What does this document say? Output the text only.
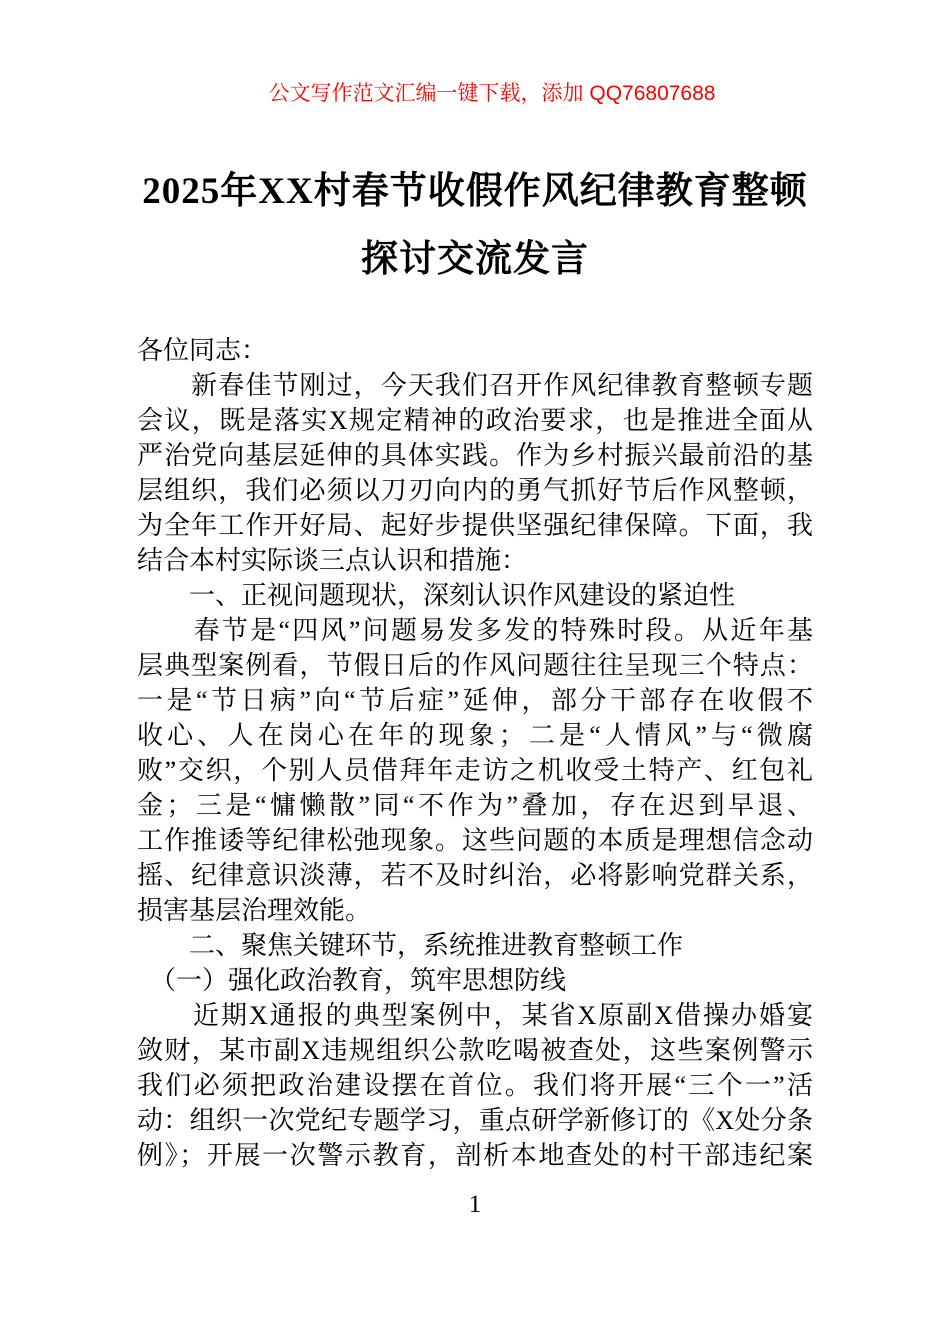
公文写作范文汇编一键下载，添加 QQ76807688
2025年XX村春节收假作风纪律教育整顿
探讨交流发言
各位同志：
　　新春佳节刚过，今天我们召开作风纪律教育整顿专题
会议，既是落实X规定精神的政治要求，也是推进全面从
严治党向基层延伸的具体实践。作为乡村振兴最前沿的基
层组织，我们必须以刀刃向内的勇气抓好节后作风整顿，
为全年工作开好局、起好步提供坚强纪律保障。下面，我
结合本村实际谈三点认识和措施：
　　一、正视问题现状，深刻认识作风建设的紧迫性
　　春节是“四风”问题易发多发的特殊时段。从近年基
层典型案例看，节假日后的作风问题往往呈现三个特点：
一是“节日病”向“节后症”延伸，部分干部存在收假不
收心、人在岗心在年的现象；二是“人情风”与“微腐
败”交织，个别人员借拜年走访之机收受土特产、红包礼
金；三是“慵懒散”同“不作为”叠加，存在迟到早退、
工作推诿等纪律松弛现象。这些问题的本质是理想信念动
摇、纪律意识淡薄，若不及时纠治，必将影响党群关系，
损害基层治理效能。
　　二、聚焦关键环节，系统推进教育整顿工作
　（一）强化政治教育，筑牢思想防线
　　近期X通报的典型案例中，某省X原副X借操办婚宴
敛财，某市副X违规组织公款吃喝被查处，这些案例警示
我们必须把政治建设摆在首位。我们将开展“三个一”活
动：组织一次党纪专题学习，重点研学新修订的《X处分条
例》；开展一次警示教育，剖析本地查处的村干部违纪案
1
